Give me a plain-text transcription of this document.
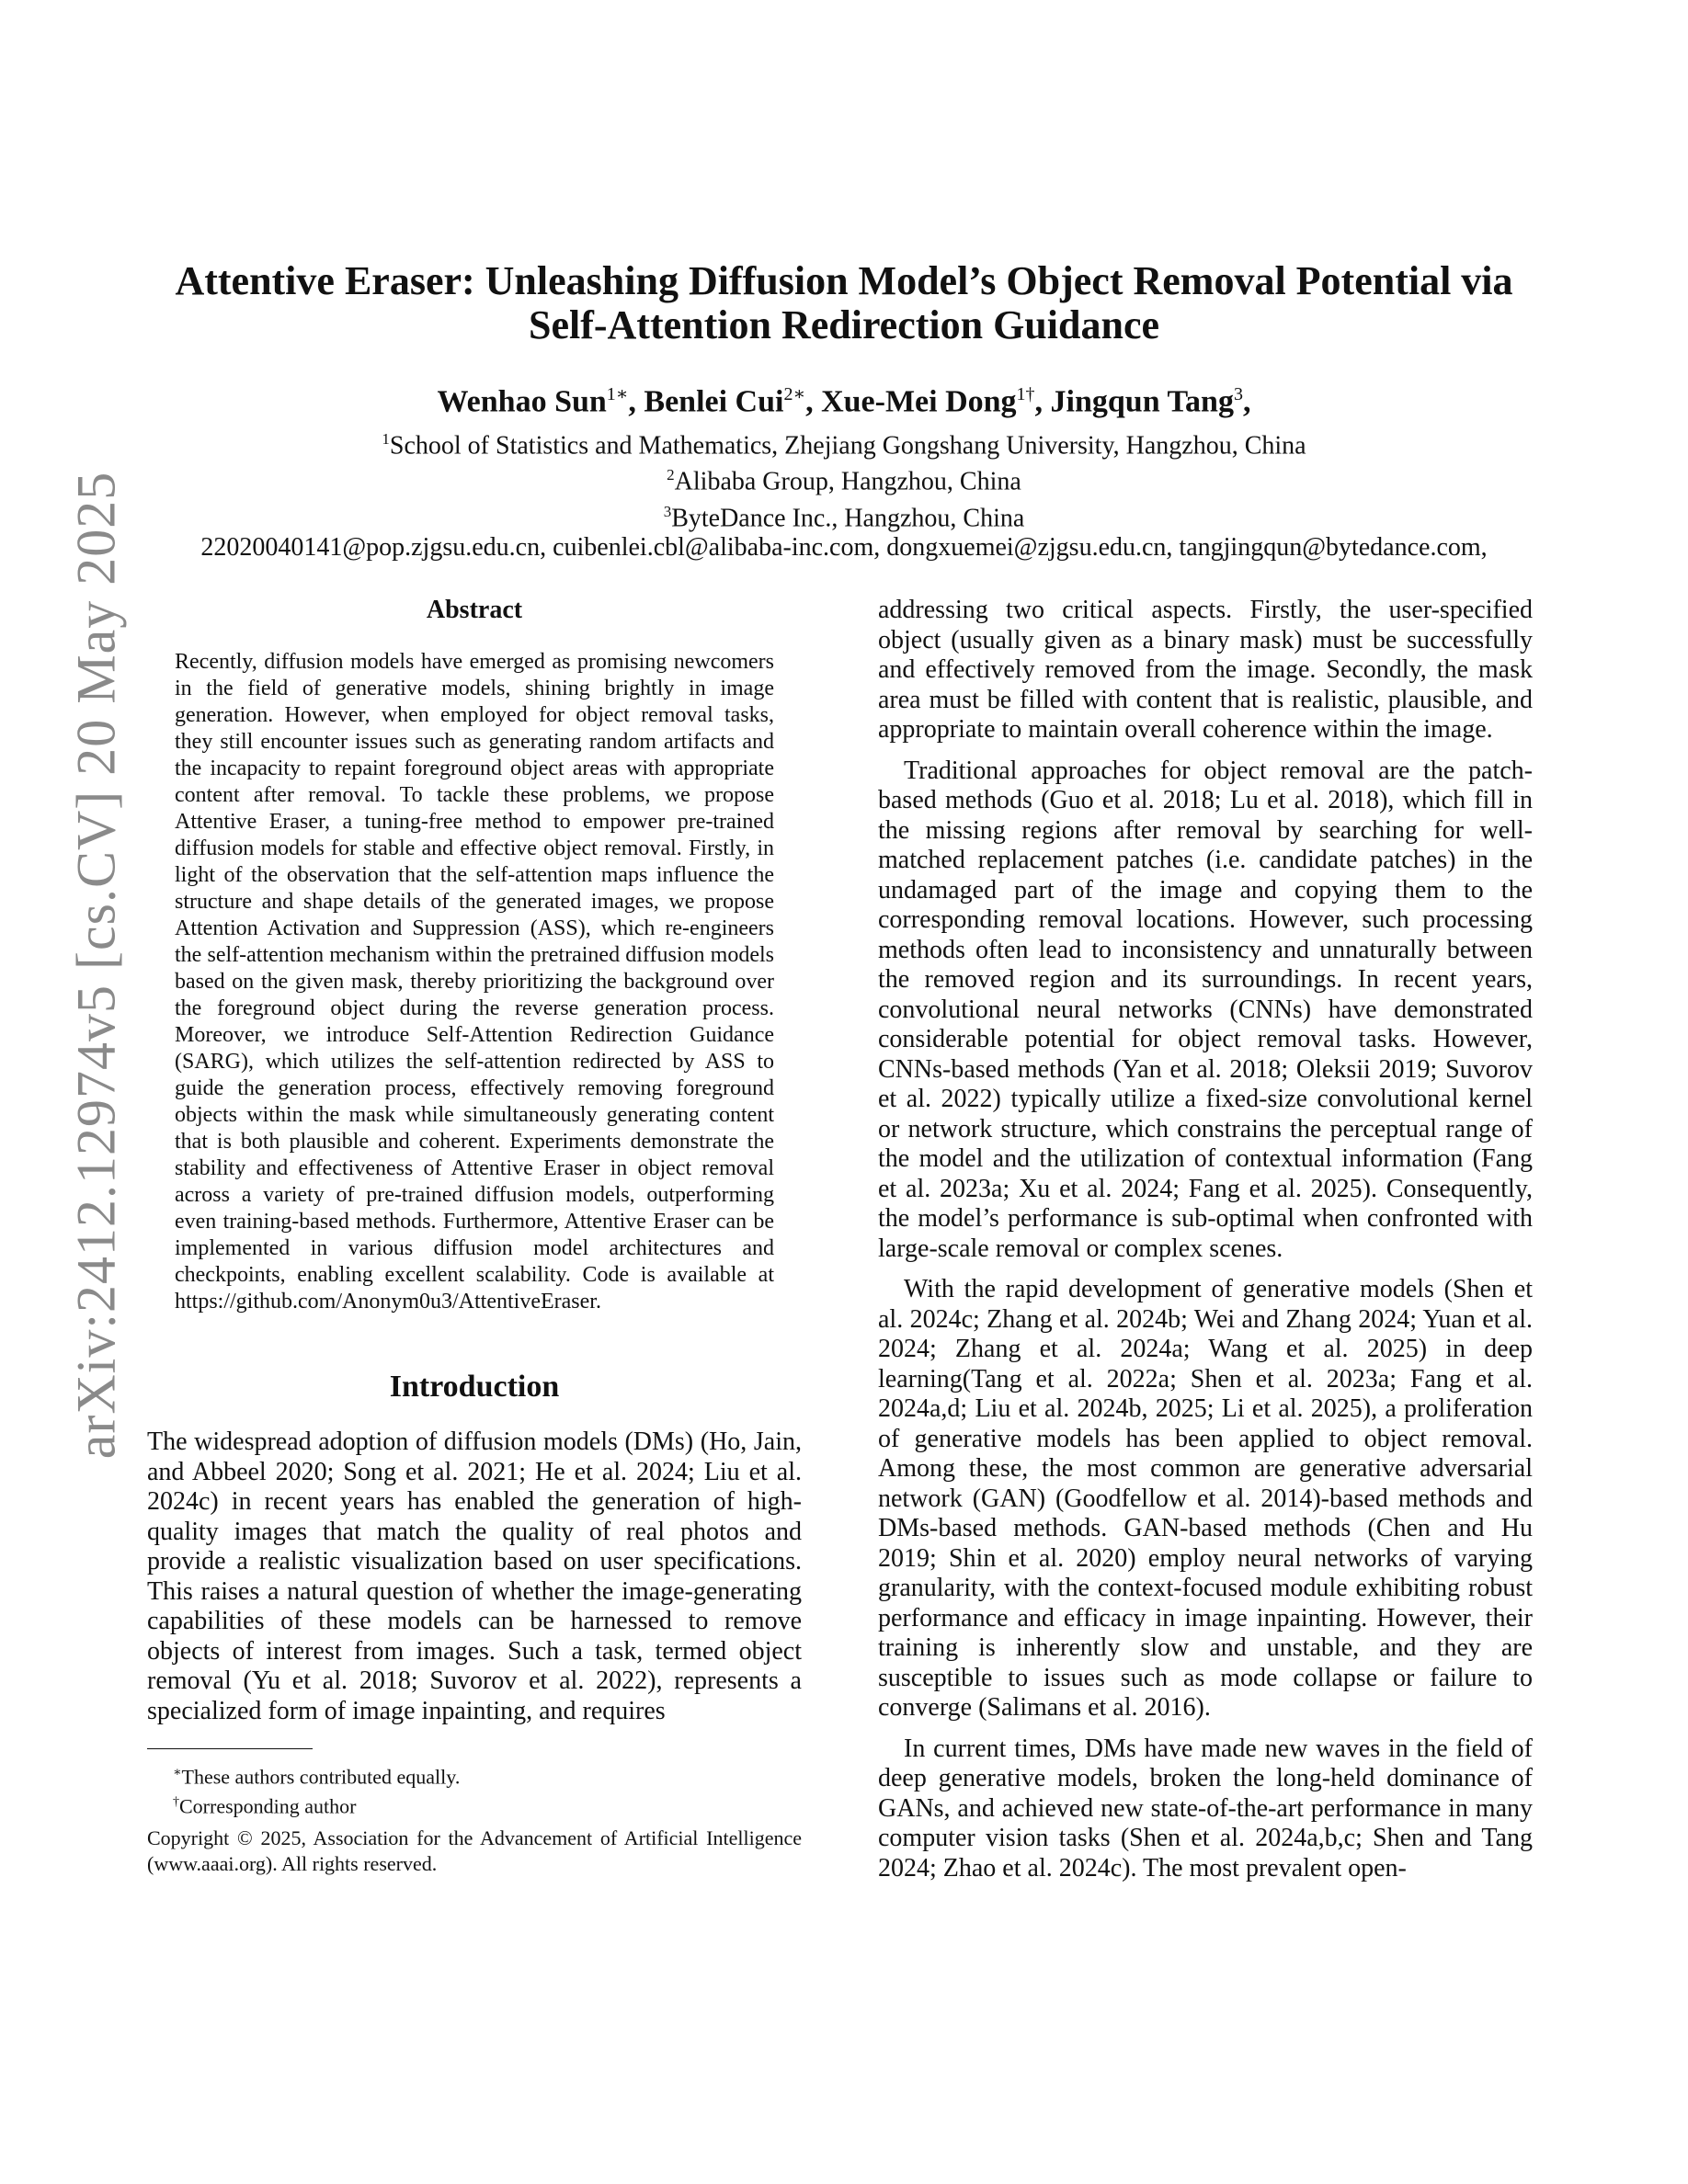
arXiv:2412.12974v5 [cs.CV] 20 May 2025
Attentive Eraser: Unleashing Diffusion Model’s Object Removal Potential via
Self-Attention Redirection Guidance
Wenhao Sun$^{1∗}$, Benlei Cui$^{2∗}$, Xue-Mei Dong$^{1\dagger}$, Jingqun Tang$^3$,
$^1$School of Statistics and Mathematics, Zhejiang Gongshang University, Hangzhou, China
$^2$Alibaba Group, Hangzhou, China
$^3$ByteDance Inc., Hangzhou, China
22020040141@pop.zjgsu.edu.cn, cuibenlei.cbl@alibaba-inc.com, dongxuemei@zjgsu.edu.cn, tangjingqun@bytedance.com,
Abstract
Recently, diffusion models have emerged as promising newcomers in the field of generative models, shining brightly in image generation. However, when employed for object removal tasks, they still encounter issues such as generating random artifacts and the incapacity to repaint foreground object areas with appropriate content after removal. To tackle these problems, we propose Attentive Eraser, a tuning-free method to empower pre-trained diffusion models for stable and effective object removal. Firstly, in light of the observation that the self-attention maps influence the structure and shape details of the generated images, we propose Attention Activation and Suppression (ASS), which re-engineers the self-attention mechanism within the pretrained diffusion models based on the given mask, thereby prioritizing the background over the foreground object during the reverse generation process. Moreover, we introduce Self-Attention Redirection Guidance (SARG), which utilizes the self-attention redirected by ASS to guide the generation process, effectively removing foreground objects within the mask while simultaneously generating content that is both plausible and coherent. Experiments demonstrate the stability and effectiveness of Attentive Eraser in object removal across a variety of pre-trained diffusion models, outperforming even training-based methods. Furthermore, Attentive Eraser can be implemented in various diffusion model architectures and checkpoints, enabling excellent scalability. Code is available at https://github.com/Anonym0u3/AttentiveEraser.
Introduction

The widespread adoption of diffusion models (DMs) (Ho, Jain, and Abbeel 2020; Song et al. 2021; He et al. 2024; Liu et al. 2024c) in recent years has enabled the generation of high-quality images that match the quality of real photos and provide a realistic visualization based on user specifications. This raises a natural question of whether the image-generating capabilities of these models can be harnessed to remove objects of interest from images. Such a task, termed object removal (Yu et al. 2018; Suvorov et al. 2022), represents a specialized form of image inpainting, and requires

∗These authors contributed equally.

†Corresponding author

Copyright © 2025, Association for the Advancement of Artificial Intelligence (www.aaai.org). All rights reserved.

addressing two critical aspects. Firstly, the user-specified object (usually given as a binary mask) must be successfully and effectively removed from the image. Secondly, the mask area must be filled with content that is realistic, plausible, and appropriate to maintain overall coherence within the image.

Traditional approaches for object removal are the patch-based methods (Guo et al. 2018; Lu et al. 2018), which fill in the missing regions after removal by searching for well-matched replacement patches (i.e. candidate patches) in the undamaged part of the image and copying them to the corresponding removal locations. However, such processing methods often lead to inconsistency and unnaturally between the removed region and its surroundings. In recent years, convolutional neural networks (CNNs) have demonstrated considerable potential for object removal tasks. However, CNNs-based methods (Yan et al. 2018; Oleksii 2019; Suvorov et al. 2022) typically utilize a fixed-size convolutional kernel or network structure, which constrains the perceptual range of the model and the utilization of contextual information (Fang et al. 2023a; Xu et al. 2024; Fang et al. 2025). Consequently, the model’s performance is sub-optimal when confronted with large-scale removal or complex scenes.

With the rapid development of generative models (Shen et al. 2024c; Zhang et al. 2024b; Wei and Zhang 2024; Yuan et al. 2024; Zhang et al. 2024a; Wang et al. 2025) in deep learning(Tang et al. 2022a; Shen et al. 2023a; Fang et al. 2024a,d; Liu et al. 2024b, 2025; Li et al. 2025), a proliferation of generative models has been applied to object removal. Among these, the most common are generative adversarial network (GAN) (Goodfellow et al. 2014)-based methods and DMs-based methods. GAN-based methods (Chen and Hu 2019; Shin et al. 2020) employ neural networks of varying granularity, with the context-focused module exhibiting robust performance and efficacy in image inpainting. However, their training is inherently slow and unstable, and they are susceptible to issues such as mode collapse or failure to converge (Salimans et al. 2016).

In current times, DMs have made new waves in the field of deep generative models, broken the long-held dominance of GANs, and achieved new state-of-the-art performance in many computer vision tasks (Shen et al. 2024a,b,c; Shen and Tang 2024; Zhao et al. 2024c). The most prevalent open-
